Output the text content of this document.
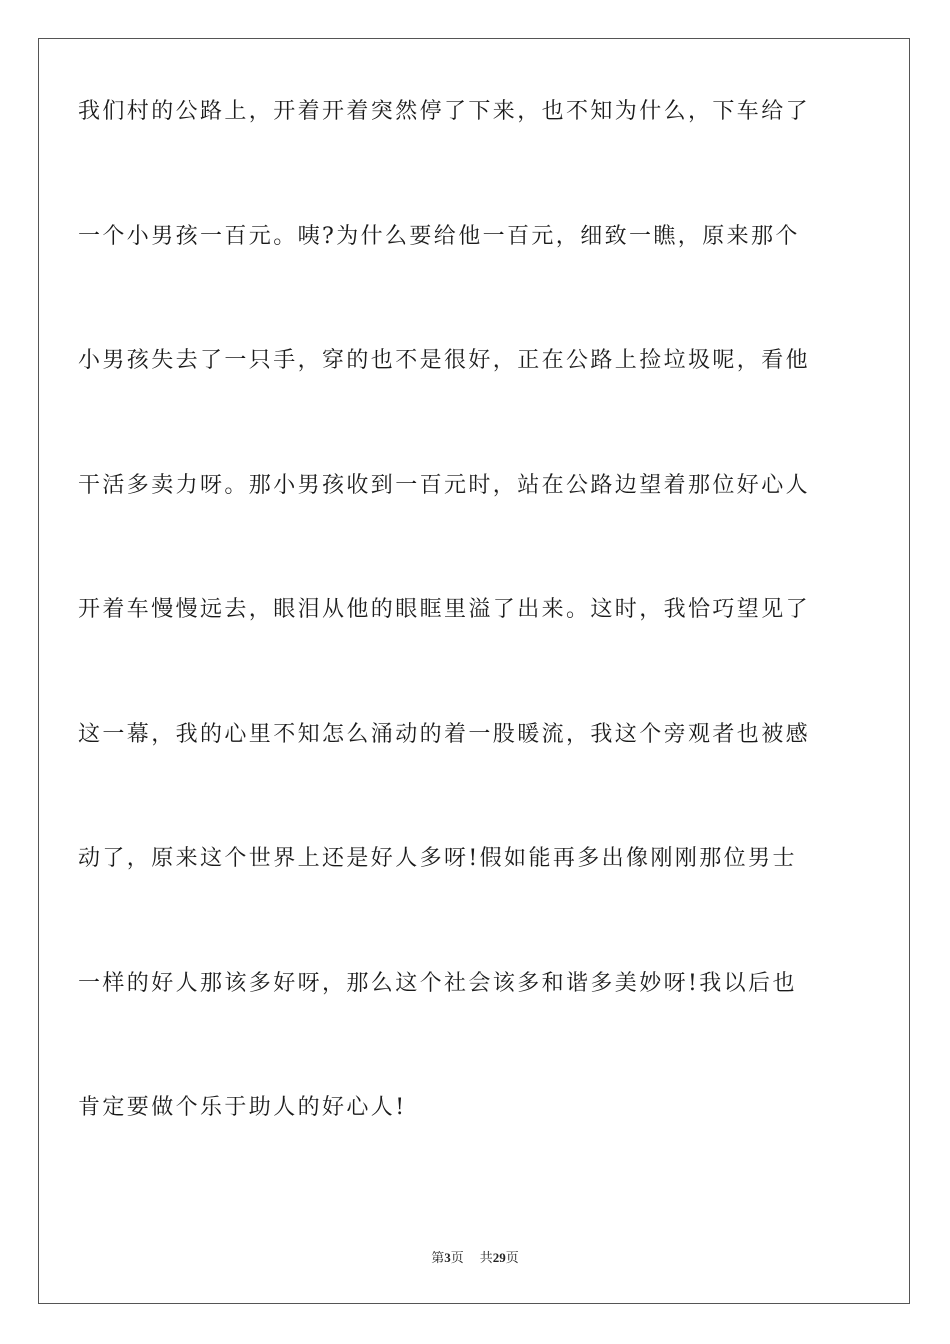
我们村的公路上，开着开着突然停了下来，也不知为什么，下车给了
一个小男孩一百元。咦?为什么要给他一百元，细致一瞧，原来那个
小男孩失去了一只手，穿的也不是很好，正在公路上捡垃圾呢，看他
干活多卖力呀。那小男孩收到一百元时，站在公路边望着那位好心人
开着车慢慢远去，眼泪从他的眼眶里溢了出来。这时，我恰巧望见了
这一幕，我的心里不知怎么涌动的着一股暖流，我这个旁观者也被感
动了，原来这个世界上还是好人多呀!假如能再多出像刚刚那位男士
一样的好人那该多好呀，那么这个社会该多和谐多美妙呀!我以后也
肯定要做个乐于助人的好心人!
第3页 共29页
